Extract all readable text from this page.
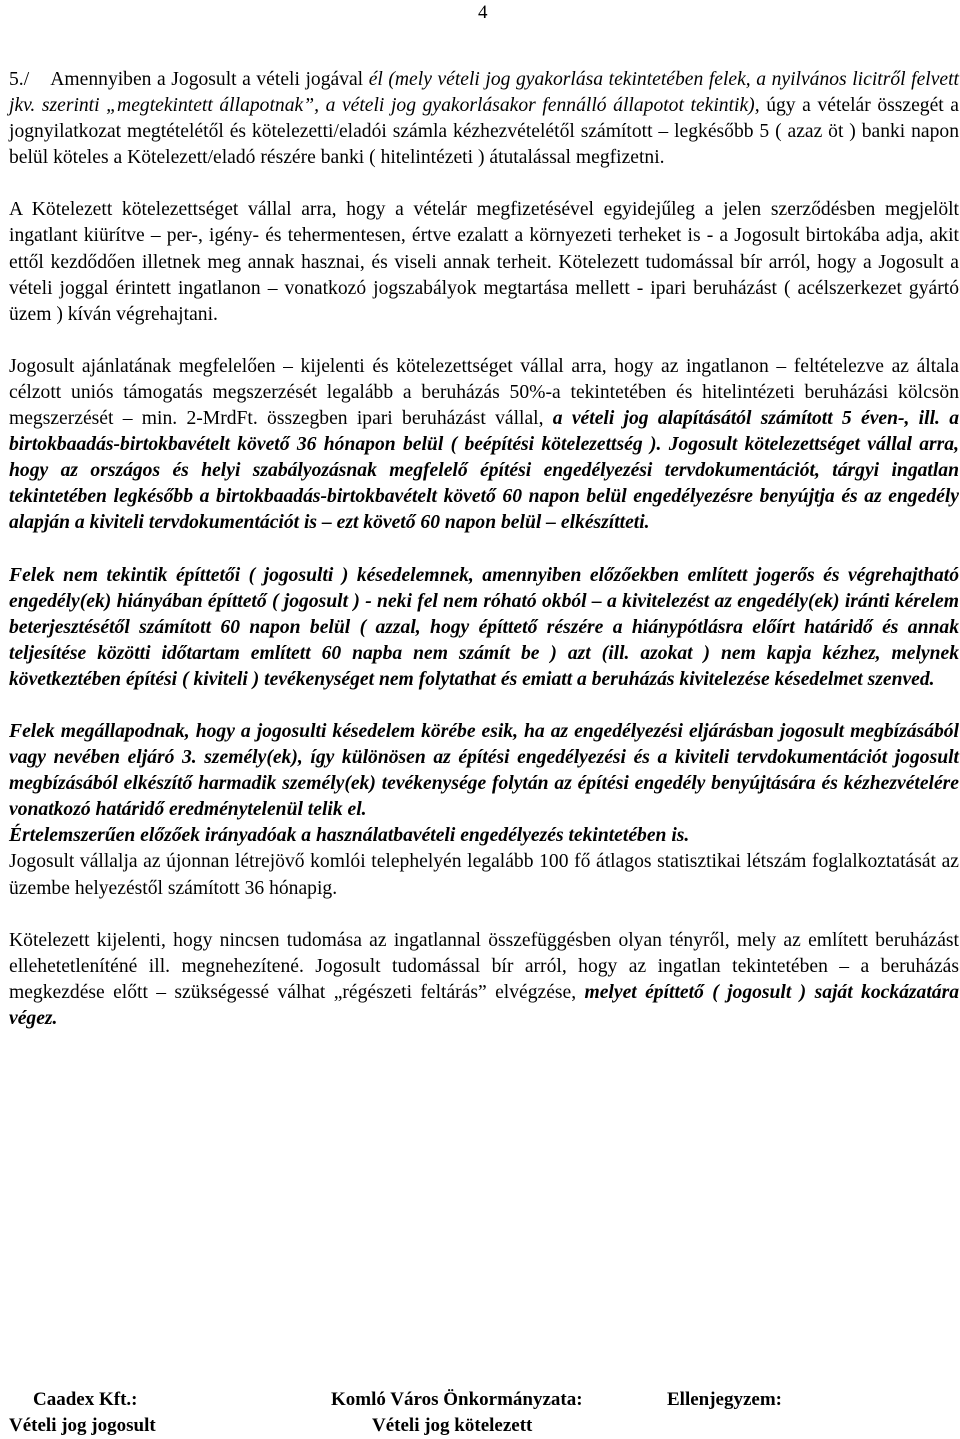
4

5./    Amennyiben a Jogosult a vételi jogával él (mely vételi jog gyakorlása tekintetében felek, a nyilvános licitről felvett jkv. szerinti „megtekintett állapotnak”, a vételi jog gyakorlásakor fennálló állapotot tekintik), úgy a vételár összegét a jognyilatkozat megtételétől és kötelezetti/eladói számla kézhezvételétől számított – legkésőbb 5 ( azaz öt ) banki napon belül köteles a Kötelezett/eladó részére banki ( hitelintézeti ) átutalással megfizetni.

A Kötelezett kötelezettséget vállal arra, hogy a vételár megfizetésével egyidejűleg a jelen szerződésben megjelölt ingatlant kiürítve – per-, igény- és tehermentesen, értve ezalatt a környezeti terheket is - a Jogosult birtokába adja, akit ettől kezdődően illetnek meg annak hasznai, és viseli annak terheit. Kötelezett tudomással bír arról, hogy a Jogosult a vételi joggal érintett ingatlanon – vonatkozó jogszabályok megtartása mellett - ipari beruházást ( acélszerkezet gyártó üzem ) kíván végrehajtani.

Jogosult ajánlatának megfelelően – kijelenti és kötelezettséget vállal arra, hogy az ingatlanon – feltételezve az általa célzott uniós támogatás megszerzését legalább a beruházás 50%-a tekintetében és hitelintézeti beruházási kölcsön megszerzését – min. 2-MrdFt. összegben ipari beruházást vállal, a vételi jog alapításától számított 5 éven-, ill. a birtokbaadás-birtokbavételt követő 36 hónapon belül ( beépítési kötelezettség ). Jogosult kötelezettséget vállal arra, hogy az országos és helyi szabályozásnak megfelelő építési engedélyezési tervdokumentációt, tárgyi ingatlan tekintetében legkésőbb a birtokbaadás-birtokbavételt követő 60 napon belül engedélyezésre benyújtja és az engedély alapján a kiviteli tervdokumentációt is – ezt követő 60 napon belül – elkészítteti.

Felek nem tekintik építtetői ( jogosulti ) késedelemnek, amennyiben előzőekben említett jogerős és végrehajtható engedély(ek) hiányában építtető ( jogosult ) - neki fel nem róható okból – a kivitelezést az engedély(ek) iránti kérelem beterjesztésétől számított 60 napon belül ( azzal, hogy építtető részére a hiánypótlásra előírt határidő és annak teljesítése közötti időtartam említett 60 napba nem számít be ) azt (ill. azokat ) nem kapja kézhez, melynek következtében építési ( kiviteli ) tevékenységet nem folytathat és emiatt a beruházás kivitelezése késedelmet szenved.

Felek megállapodnak, hogy a jogosulti késedelem körébe esik, ha az engedélyezési eljárásban jogosult megbízásából vagy nevében eljáró 3. személy(ek), így különösen az építési engedélyezési és a kiviteli tervdokumentációt jogosult megbízásából elkészítő harmadik személy(ek) tevékenysége folytán az építési engedély benyújtására és kézhezvételére vonatkozó határidő eredménytelenül telik el.

Értelemszerűen előzőek irányadóak a használatbavételi engedélyezés tekintetében is.

Jogosult vállalja az újonnan létrejövő komlói telephelyén legalább 100 fő átlagos statisztikai létszám foglalkoztatását az üzembe helyezéstől számított 36 hónapig.

Kötelezett kijelenti, hogy nincsen tudomása az ingatlannal összefüggésben olyan tényről, mely az említett beruházást ellehetetleníténé ill. megnehezítené. Jogosult tudomással bír arról, hogy az ingatlan tekintetében – a beruházás megkezdése előtt – szükségessé válhat „régészeti feltárás” elvégzése, melyet építtető ( jogosult ) saját kockázatára végez.

Caadex Kft.:	Komló Város Önkormányzata:	Ellenjegyzem:
Vételi jog jogosult	Vételi jog kötelezett
